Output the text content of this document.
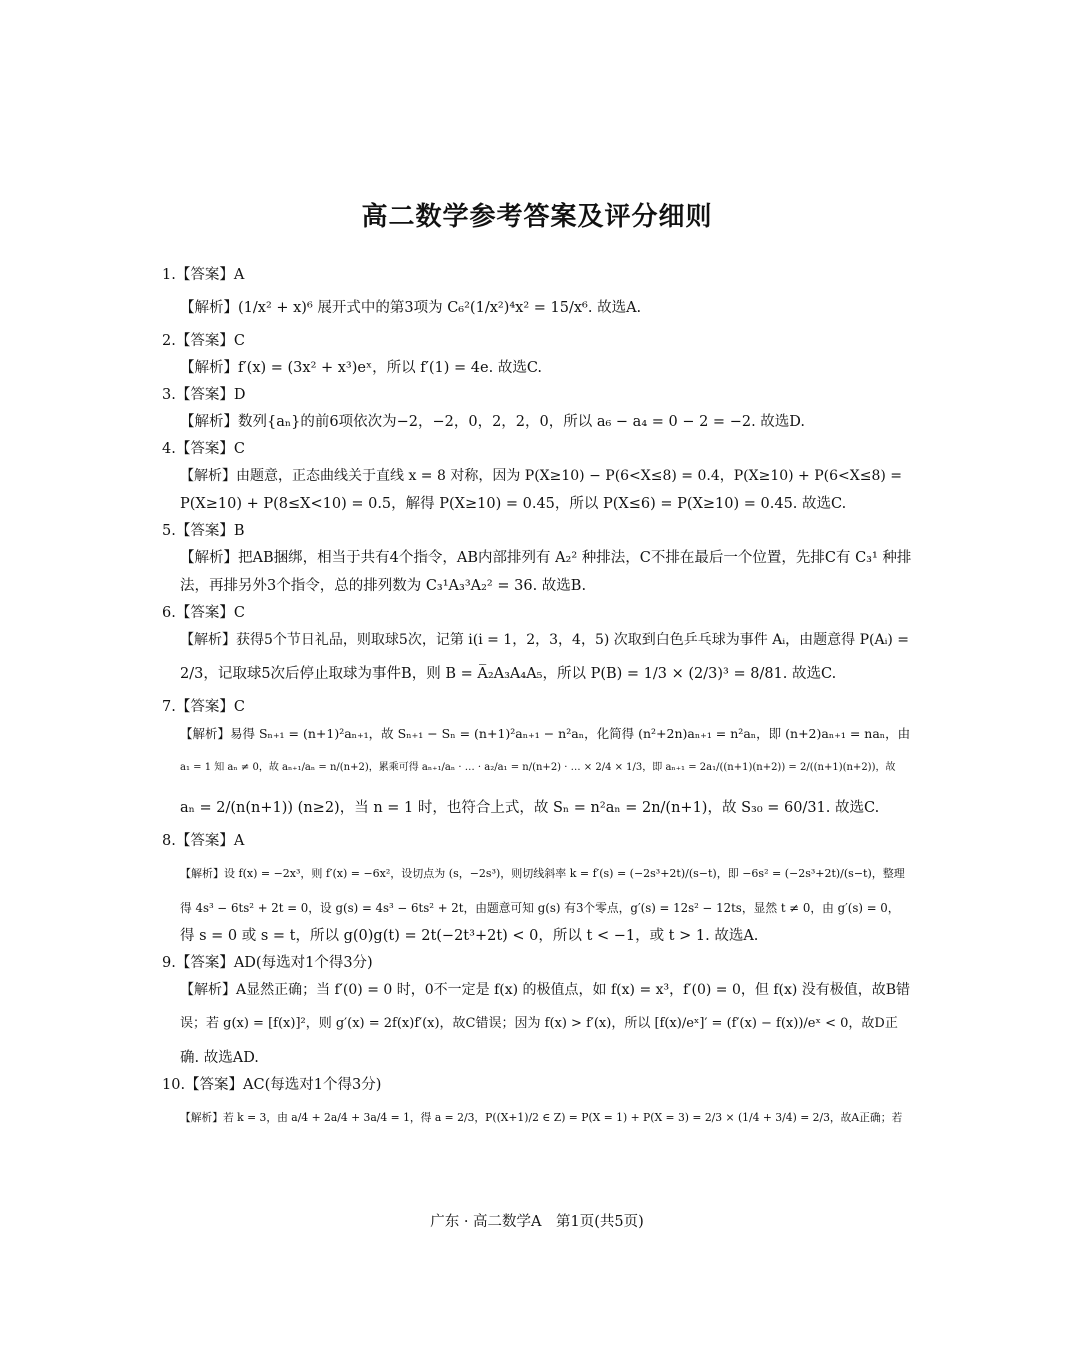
高二数学参考答案及评分细则
1.【答案】A
【解析】(1/x² + x)⁶ 展开式中的第3项为 C₆²(1/x²)⁴x² = 15/x⁶. 故选A.
2.【答案】C
【解析】f′(x) = (3x² + x³)eˣ，所以 f′(1) = 4e. 故选C.
3.【答案】D
【解析】数列{aₙ}的前6项依次为−2，−2，0，2，2，0，所以 a₆ − a₄ = 0 − 2 = −2. 故选D.
4.【答案】C
【解析】由题意，正态曲线关于直线 x = 8 对称，因为 P(X≥10) − P(6<X≤8) = 0.4，P(X≥10) + P(6<X≤8) =
P(X≥10) + P(8≤X<10) = 0.5，解得 P(X≥10) = 0.45，所以 P(X≤6) = P(X≥10) = 0.45. 故选C.
5.【答案】B
【解析】把AB捆绑，相当于共有4个指令，AB内部排列有 A₂² 种排法，C不排在最后一个位置，先排C有 C₃¹ 种排
法，再排另外3个指令，总的排列数为 C₃¹A₃³A₂² = 36. 故选B.
6.【答案】C
【解析】获得5个节日礼品，则取球5次，记第 i(i = 1，2，3，4，5) 次取到白色乒乓球为事件 Aᵢ，由题意得 P(Aᵢ) =
2/3，记取球5次后停止取球为事件B，则 B = A̅₂A₃A₄A₅，所以 P(B) = 1/3 × (2/3)³ = 8/81. 故选C.
7.【答案】C
【解析】易得 Sₙ₊₁ = (n+1)²aₙ₊₁，故 Sₙ₊₁ − Sₙ = (n+1)²aₙ₊₁ − n²aₙ，化简得 (n²+2n)aₙ₊₁ = n²aₙ，即 (n+2)aₙ₊₁ = naₙ，由
a₁ = 1 知 aₙ ≠ 0，故 aₙ₊₁/aₙ = n/(n+2)，累乘可得 aₙ₊₁/aₙ · … · a₂/a₁ = n/(n+2) · … × 2/4 × 1/3，即 aₙ₊₁ = 2a₁/((n+1)(n+2)) = 2/((n+1)(n+2))，故
aₙ = 2/(n(n+1)) (n≥2)，当 n = 1 时，也符合上式，故 Sₙ = n²aₙ = 2n/(n+1)，故 S₃₀ = 60/31. 故选C.
8.【答案】A
【解析】设 f(x) = −2x³，则 f′(x) = −6x²，设切点为 (s，−2s³)，则切线斜率 k = f′(s) = (−2s³+2t)/(s−t)，即 −6s² = (−2s³+2t)/(s−t)，整理
得 4s³ − 6ts² + 2t = 0，设 g(s) = 4s³ − 6ts² + 2t，由题意可知 g(s) 有3个零点，g′(s) = 12s² − 12ts，显然 t ≠ 0，由 g′(s) = 0，
得 s = 0 或 s = t，所以 g(0)g(t) = 2t(−2t³+2t) < 0，所以 t < −1，或 t > 1. 故选A.
9.【答案】AD(每选对1个得3分)
【解析】A显然正确；当 f′(0) = 0 时，0不一定是 f(x) 的极值点，如 f(x) = x³，f′(0) = 0，但 f(x) 没有极值，故B错
误；若 g(x) = [f(x)]²，则 g′(x) = 2f(x)f′(x)，故C错误；因为 f(x) > f′(x)，所以 [f(x)/eˣ]′ = (f′(x) − f(x))/eˣ < 0，故D正
确. 故选AD.
10.【答案】AC(每选对1个得3分)
【解析】若 k = 3，由 a/4 + 2a/4 + 3a/4 = 1，得 a = 2/3，P((X+1)/2 ∈ Z) = P(X = 1) + P(X = 3) = 2/3 × (1/4 + 3/4) = 2/3，故A正确；若
广东 · 高二数学A　第1页(共5页)
